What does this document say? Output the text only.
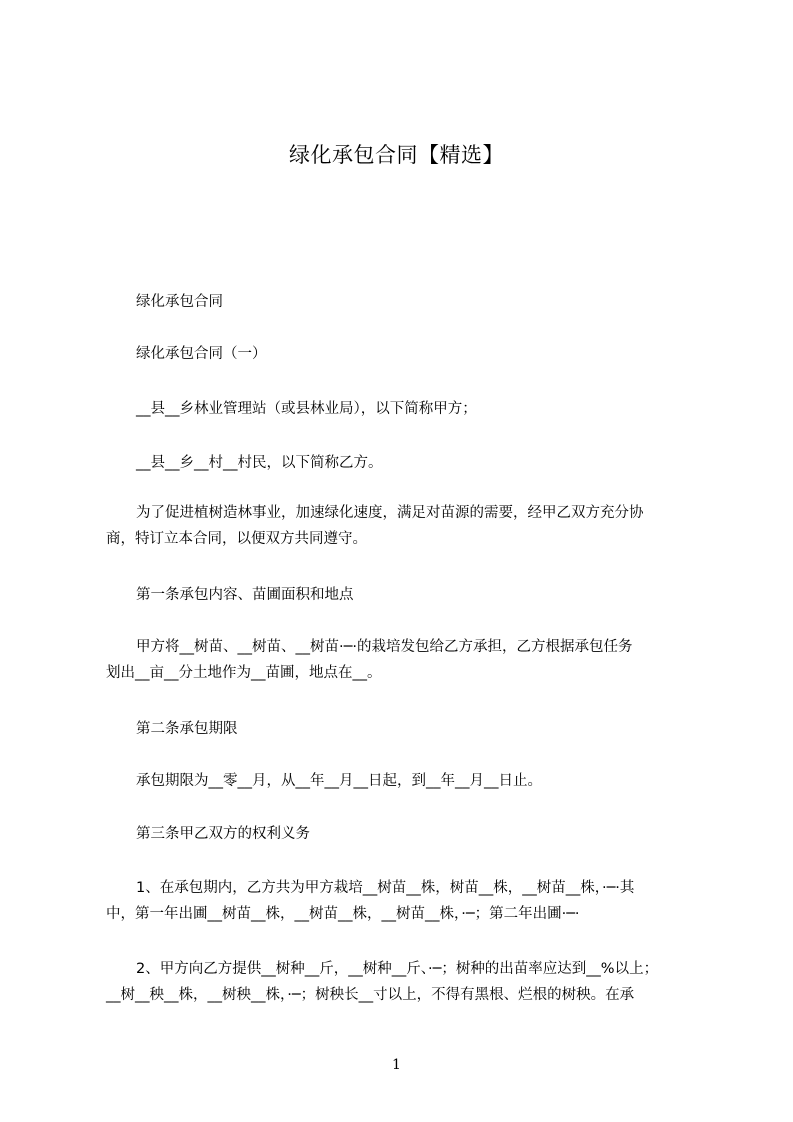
绿化承包合同【精选】

绿化承包合同

绿化承包合同（一）

__县__乡林业管理站（或县林业局），以下简称甲方；

__县__乡__村__村民，以下简称乙方。

为了促进植树造林事业，加速绿化速度，满足对苗源的需要，经甲乙双方充分协
商，特订立本合同，以便双方共同遵守。

第一条承包内容、苗圃面积和地点

甲方将__树苗、__树苗、__树苗·─·的栽培发包给乙方承担，乙方根据承包任务
划出__亩__分土地作为__苗圃，地点在__。

第二条承包期限

承包期限为__零__月，从__年__月__日起，到__年__月__日止。

第三条甲乙双方的权利义务

1、在承包期内，乙方共为甲方栽培__树苗__株，树苗__株，__树苗__株，·─·其
中，第一年出圃__树苗__株，__树苗__株，__树苗__株，·─；第二年出圃·─·

2、甲方向乙方提供__树种__斤，__树种__斤、·─；树种的出苗率应达到__%以上；
__树__秧__株，__树秧__株，·─；树秧长__寸以上，不得有黑根、烂根的树秧。在承

1
